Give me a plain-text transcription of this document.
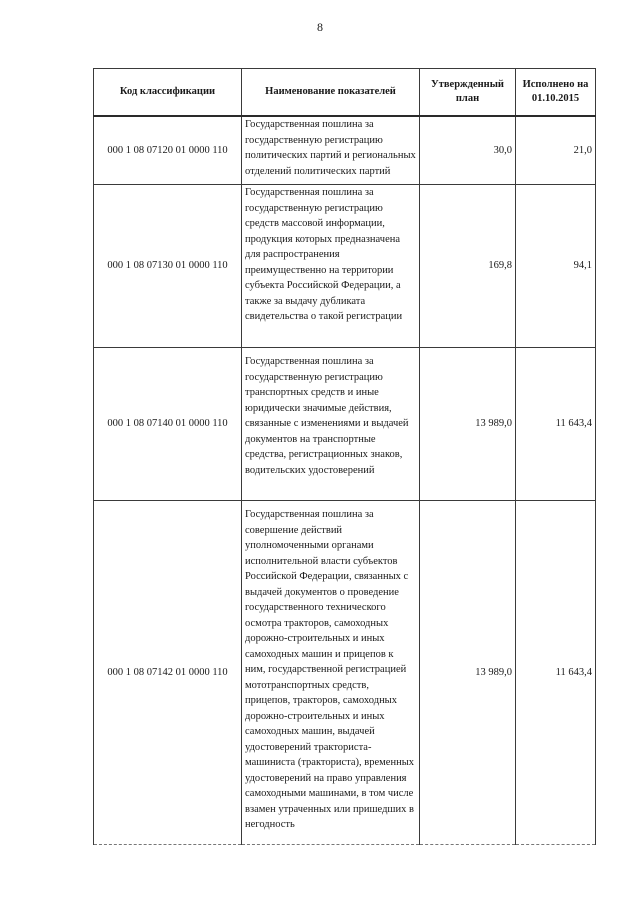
8
Код классификации	Наименование показателей	Утвержденный план	Исполнено на 01.10.2015
000 1 08 07120 01 0000 110	Государственная пошлина за государственную регистрацию политических партий и региональных отделений политических партий	30,0	21,0
000 1 08 07130 01 0000 110	Государственная пошлина за государственную регистрацию средств массовой информации, продукция которых предназначена для распространения преимущественно на территории субъекта Российской Федерации, а также за выдачу дубликата свидетельства о такой регистрации	169,8	94,1
000 1 08 07140 01 0000 110	Государственная пошлина за государственную регистрацию транспортных средств и иные юридически значимые действия, связанные с изменениями и выдачей документов на транспортные средства, регистрационных знаков, водительских удостоверений	13 989,0	11 643,4
000 1 08 07142 01 0000 110	Государственная пошлина за совершение действий уполномоченными органами исполнительной власти субъектов Российской Федерации, связанных с выдачей документов о проведение государственного технического осмотра тракторов, самоходных дорожно-строительных и иных самоходных машин и прицепов к ним, государственной регистрацией мототранспортных средств, прицепов, тракторов, самоходных дорожно-строительных и иных самоходных машин, выдачей удостоверений тракториста-машиниста (тракториста), временных удостоверений на право управления самоходными машинами, в том числе взамен утраченных или пришедших в негодность	13 989,0	11 643,4
